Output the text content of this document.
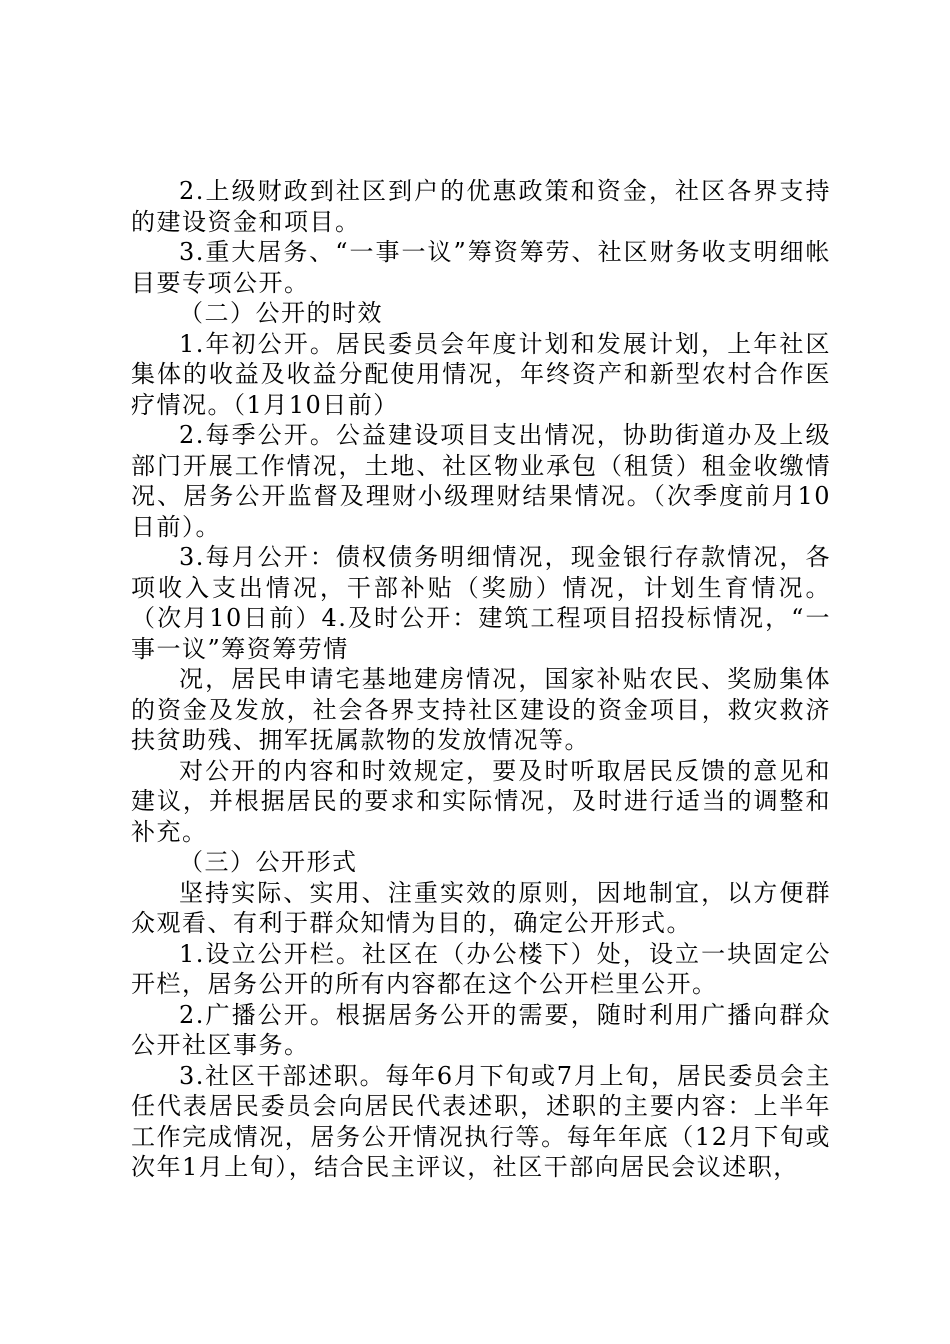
2.上级财政到社区到户的优惠政策和资金，社区各界支持的建设资金和项目。

3.重大居务、“一事一议”筹资筹劳、社区财务收支明细帐目要专项公开。

（二）公开的时效

1.年初公开。居民委员会年度计划和发展计划，上年社区集体的收益及收益分配使用情况，年终资产和新型农村合作医疗情况。（1月10日前）

2.每季公开。公益建设项目支出情况，协助街道办及上级部门开展工作情况，土地、社区物业承包（租赁）租金收缴情况、居务公开监督及理财小级理财结果情况。（次季度前月10日前）。

3.每月公开：债权债务明细情况，现金银行存款情况，各项收入支出情况，干部补贴（奖励）情况，计划生育情况。（次月10日前）4.及时公开：建筑工程项目招投标情况，“一事一议”筹资筹劳情

况，居民申请宅基地建房情况，国家补贴农民、奖励集体的资金及发放，社会各界支持社区建设的资金项目，救灾救济扶贫助残、拥军抚属款物的发放情况等。

对公开的内容和时效规定，要及时听取居民反馈的意见和建议，并根据居民的要求和实际情况，及时进行适当的调整和补充。

（三）公开形式

坚持实际、实用、注重实效的原则，因地制宜，以方便群众观看、有利于群众知情为目的，确定公开形式。

1.设立公开栏。社区在（办公楼下）处，设立一块固定公开栏，居务公开的所有内容都在这个公开栏里公开。

2.广播公开。根据居务公开的需要，随时利用广播向群众公开社区事务。

3.社区干部述职。每年6月下旬或7月上旬，居民委员会主任代表居民委员会向居民代表述职，述职的主要内容：上半年工作完成情况，居务公开情况执行等。每年年底（12月下旬或次年1月上旬），结合民主评议，社区干部向居民会议述职，
